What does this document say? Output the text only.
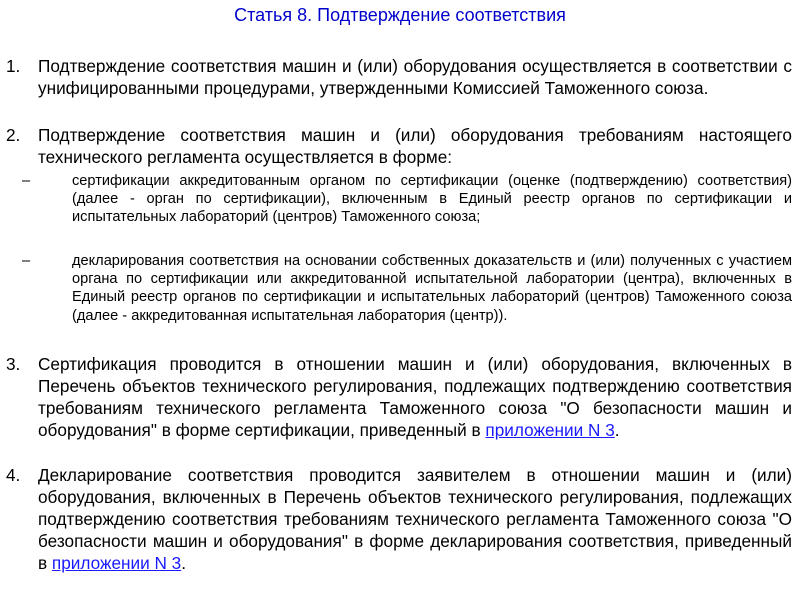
Статья 8. Подтверждение соответствия
1. Подтверждение соответствия машин и (или) оборудования осуществляется в соответствии с унифицированными процедурами, утвержденными Комиссией Таможенного союза.
2. Подтверждение соответствия машин и (или) оборудования требованиям настоящего технического регламента осуществляется в форме:
–	сертификации аккредитованным органом по сертификации (оценке (подтверждению) соответствия) (далее - орган по сертификации), включенным в Единый реестр органов по сертификации и испытательных лабораторий (центров) Таможенного союза;
–	декларирования соответствия на основании собственных доказательств и (или) полученных с участием органа по сертификации или аккредитованной испытательной лаборатории (центра), включенных в Единый реестр органов по сертификации и испытательных лабораторий (центров) Таможенного союза (далее - аккредитованная испытательная лаборатория (центр)).
3. Сертификация проводится в отношении машин и (или) оборудования, включенных в Перечень объектов технического регулирования, подлежащих подтверждению соответствия требованиям технического регламента Таможенного союза "О безопасности машин и оборудования" в форме сертификации, приведенный в приложении N 3.
4. Декларирование соответствия проводится заявителем в отношении машин и (или) оборудования, включенных в Перечень объектов технического регулирования, подлежащих подтверждению соответствия требованиям технического регламента Таможенного союза "О безопасности машин и оборудования" в форме декларирования соответствия, приведенный в приложении N 3.
